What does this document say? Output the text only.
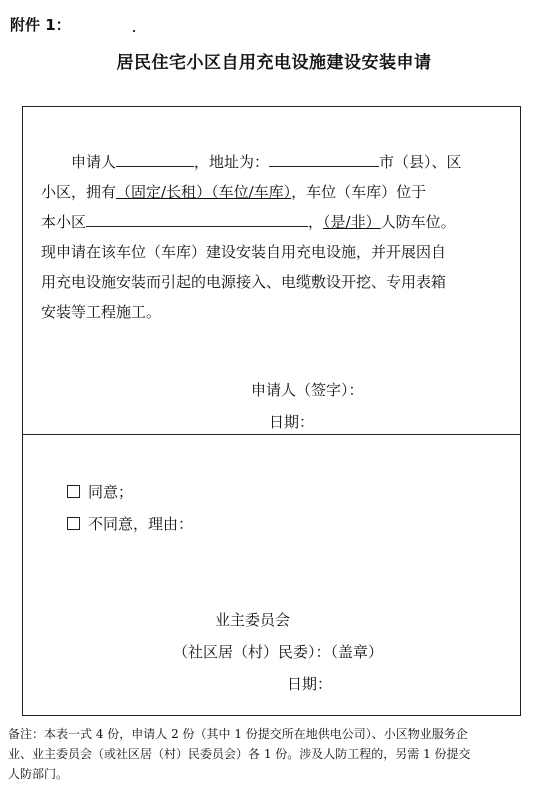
附件 1：
居民住宅小区自用充电设施建设安装申请

申请人	，地址为：	市（县）、区

小区，拥有（固定/长租）（车位/车库），车位（车库）位于

本小区	，（是/非）人防车位。

现申请在该车位（车库）建设安装自用充电设施，并开展因自

用充电设施安装而引起的电源接入、电缆敷设开挖、专用表箱

安装等工程施工。

申请人（签字）：
日期：
同意；
不同意，理由：
业主委员会
（社区居（村）民委）：（盖章）
日期：

备注：本表一式 4 份，申请人 2 份（其中 1 份提交所在地供电公司）、小区物业服务企

业、业主委员会（或社区居（村）民委员会）各 1 份。涉及人防工程的，另需 1 份提交

人防部门。
